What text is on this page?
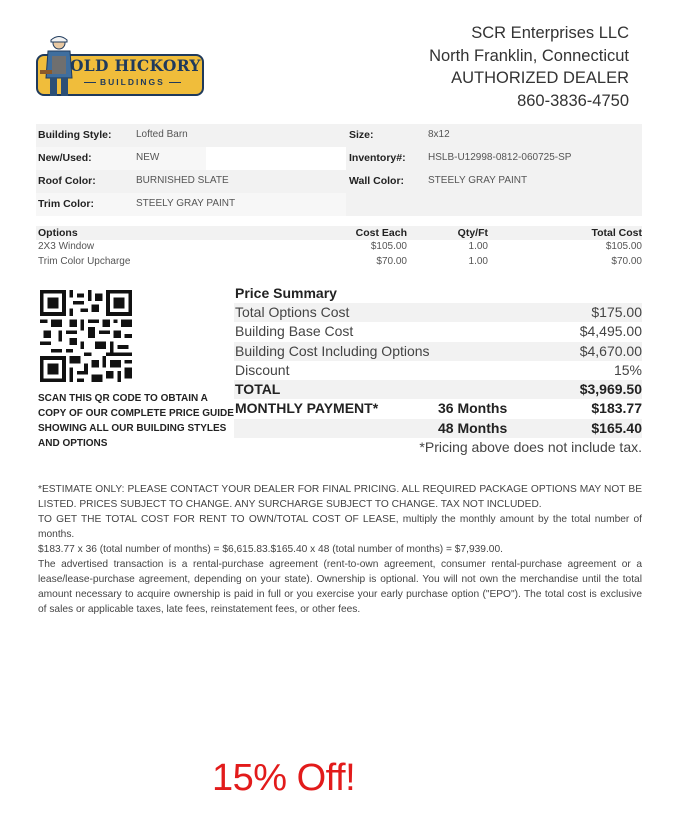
OLD HICKORY
BUILDINGS
SCR Enterprises LLC
North Franklin, Connecticut
AUTHORIZED DEALER
860-3836-4750
Building Style: Lofted Barn	Size:	8x12
New/Used:	NEW	Inventory#: HSLB-U12998-0812-060725-SP
Roof Color:	BURNISHED SLATE	Wall Color: STEELY GRAY PAINT
Trim Color:	STEELY GRAY PAINT
Options	Cost Each	Qty/Ft	Total Cost
2X3 Window	$105.00	1.00	$105.00
Trim Color Upcharge	$70.00	1.00	$70.00
SCAN THIS QR CODE TO OBTAIN A COPY OF OUR COMPLETE PRICE GUIDE SHOWING ALL OUR BUILDING STYLES AND OPTIONS
Price Summary
Total Options Cost	$175.00
Building Base Cost	$4,495.00
Building Cost Including Options	$4,670.00
Discount	15%
TOTAL	$3,969.50
MONTHLY PAYMENT*	36 Months	$183.77
48 Months	$165.40
*Pricing above does not include tax.

*ESTIMATE ONLY: PLEASE CONTACT YOUR DEALER FOR FINAL PRICING. ALL REQUIRED PACKAGE OPTIONS MAY NOT BE LISTED. PRICES SUBJECT TO CHANGE. ANY SURCHARGE SUBJECT TO CHANGE. TAX NOT INCLUDED.

TO GET THE TOTAL COST FOR RENT TO OWN/TOTAL COST OF LEASE, multiply the monthly amount by the total number of months.

$183.77 x 36 (total number of months) = $6,615.83.$165.40 x 48 (total number of months) = $7,939.00.

The advertised transaction is a rental-purchase agreement (rent-to-own agreement, consumer rental-purchase agreement or a lease/lease-purchase agreement, depending on your state). Ownership is optional. You will not own the merchandise until the total amount necessary to acquire ownership is paid in full or you exercise your early purchase option ("EPO"). The total cost is exclusive of sales or applicable taxes, late fees, reinstatement fees, or other fees.

15% Off!
